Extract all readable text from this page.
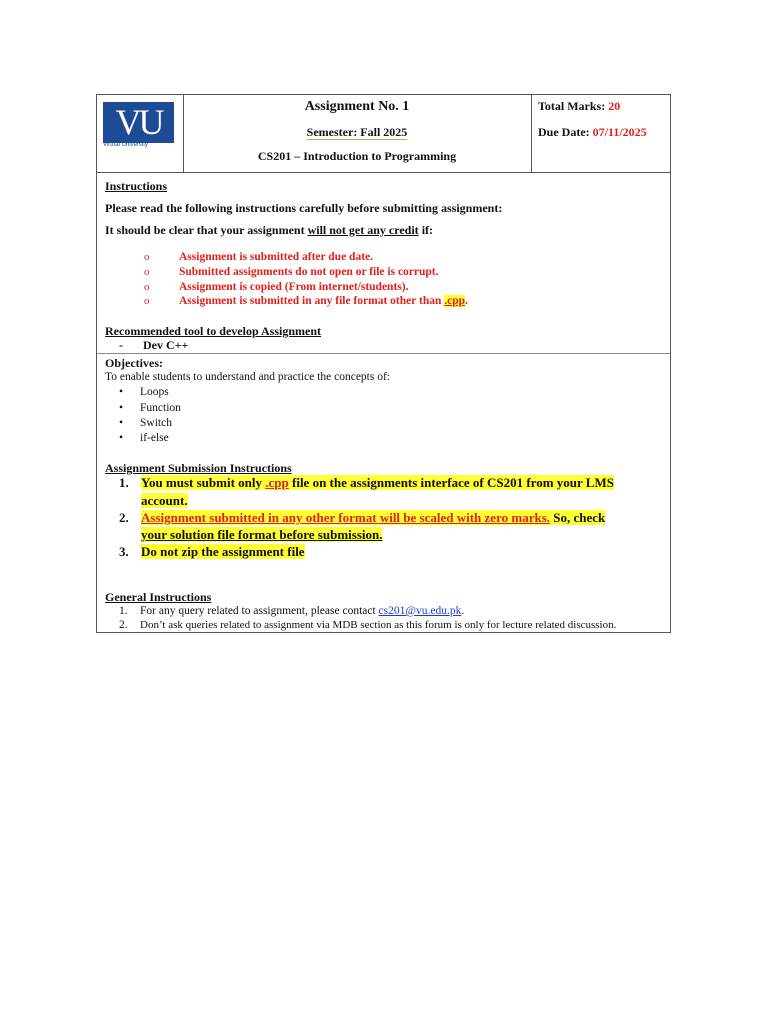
VU
Virtual University
Assignment No. 1
Semester: Fall 2025
CS201 – Introduction to Programming
Total Marks: 20
Due Date: 07/11/2025
Instructions
Please read the following instructions carefully before submitting assignment:
It should be clear that your assignment will not get any credit if:
o	Assignment is submitted after due date.
o	Submitted assignments do not open or file is corrupt.
o	Assignment is copied (From internet/students).
o	Assignment is submitted in any file format other than .cpp.
Recommended tool to develop Assignment
- Dev C++
Objectives:
To enable students to understand and practice the concepts of:
• Loops
• Function
• Switch
• if-else
Assignment Submission Instructions
1. You must submit only .cpp file on the assignments interface of CS201 from your LMS
account.
2. Assignment submitted in any other format will be scaled with zero marks. So, check
your solution file format before submission.
3. Do not zip the assignment file
General Instructions
1. For any query related to assignment, please contact cs201@vu.edu.pk.
2. Don’t ask queries related to assignment via MDB section as this forum is only for lecture related discussion.
